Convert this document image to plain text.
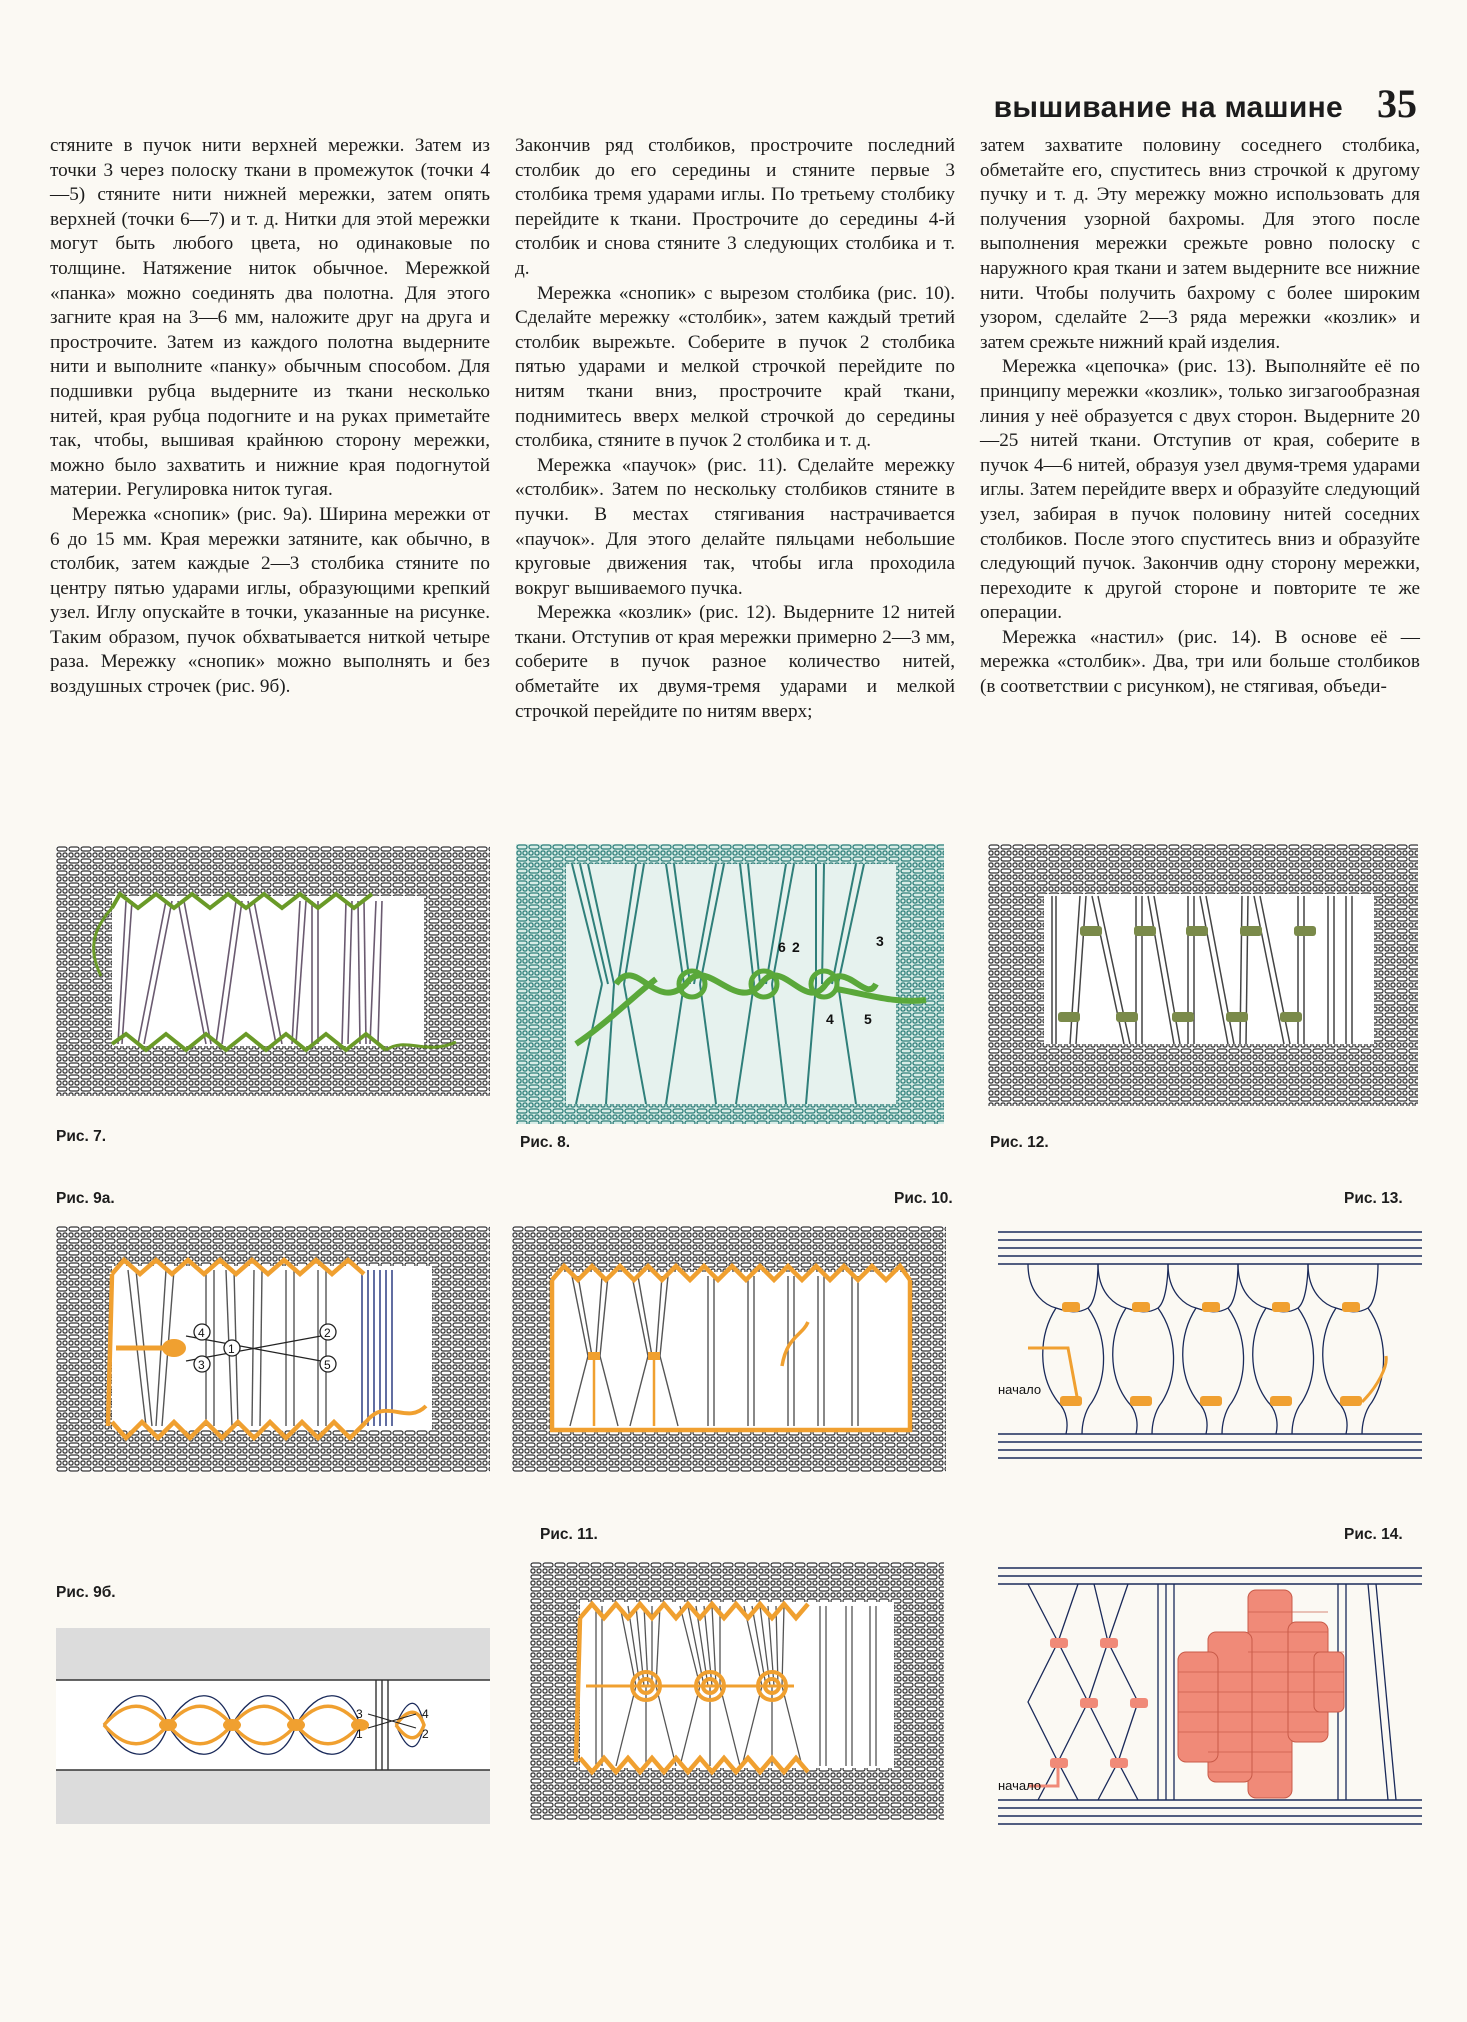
вышивание на машине 35

стяните в пучок нити верхней мережки. Затем из точки 3 через полоску ткани в промежуток (точки 4—5) стяните нити нижней мережки, затем опять верхней (точки 6—7) и т. д. Нитки для этой мережки могут быть любого цвета, но одинаковые по толщине. Натяжение ниток обычное. Мережкой «панка» можно соединять два полотна. Для этого загните края на 3—6 мм, наложите друг на друга и прострочите. Затем из каждого полотна выдерните нити и выполните «панку» обычным способом. Для подшивки рубца выдерните из ткани несколько нитей, края рубца подогните и на руках приметайте так, чтобы, вышивая крайнюю сторону мережки, можно было захватить и нижние края подогнутой материи. Регулировка ниток тугая.

Мережка «снопик» (рис. 9а). Ширина мережки от 6 до 15 мм. Края мережки затяните, как обычно, в столбик, затем каждые 2—3 столбика стяните по центру пятью ударами иглы, образующими крепкий узел. Иглу опускайте в точки, указанные на рисунке. Таким образом, пучок обхватывается ниткой четыре раза. Мережку «снопик» можно выполнять и без воздушных строчек (рис. 9б).

Закончив ряд столбиков, прострочите последний столбик до его середины и стяните первые 3 столбика тремя ударами иглы. По третьему столбику перейдите к ткани. Прострочите до середины 4-й столбик и снова стяните 3 следующих столбика и т. д.

Мережка «снопик» с вырезом столбика (рис. 10). Сделайте мережку «столбик», затем каждый третий столбик вырежьте. Соберите в пучок 2 столбика пятью ударами и мелкой строчкой перейдите по нитям ткани вниз, прострочите край ткани, поднимитесь вверх мелкой строчкой до середины столбика, стяните в пучок 2 столбика и т. д.

Мережка «паучок» (рис. 11). Сделайте мережку «столбик». Затем по нескольку столбиков стяните в пучки. В местах стягивания настрачивается «паучок». Для этого делайте пяльцами небольшие круговые движения так, чтобы игла проходила вокруг вышиваемого пучка.

Мережка «козлик» (рис. 12). Выдерните 12 нитей ткани. Отступив от края мережки примерно 2—3 мм, соберите в пучок разное количество нитей, обметайте их двумя-тремя ударами и мелкой строчкой перейдите по нитям вверх;

затем захватите половину соседнего столбика, обметайте его, спуститесь вниз строчкой к другому пучку и т. д. Эту мережку можно использовать для получения узорной бахромы. Для этого после выполнения мережки срежьте ровно полоску с наружного края ткани и затем выдерните все нижние нити. Чтобы получить бахрому с более широким узором, сделайте 2—3 ряда мережки «козлик» и затем срежьте нижний край изделия.

Мережка «цепочка» (рис. 13). Выполняйте её по принципу мережки «козлик», только зигзагообразная линия у неё образуется с двух сторон. Выдерните 20—25 нитей ткани. Отступив от края, соберите в пучок 4—6 нитей, образуя узел двумя-тремя ударами иглы. Затем перейдите вверх и образуйте следующий узел, забирая в пучок половину нитей соседних столбиков. После этого спуститесь вниз и образуйте следующий пучок. Закончив одну сторону мережки, переходите к другой стороне и повторите те же операции.

Мережка «настил» (рис. 14). В основе её — мережка «столбик». Два, три или больше столбиков (в соответствии с рисунком), не стягивая, объеди-

Рис. 7.
6 2	3
4 5
Рис. 8.	Рис. 12.
Рис. 9а.
4
1
3
2
5
Рис. 10.	Рис. 13.
начало
Рис. 11.	Рис. 14.
начало
Рис. 9б.
3
1
4
2
